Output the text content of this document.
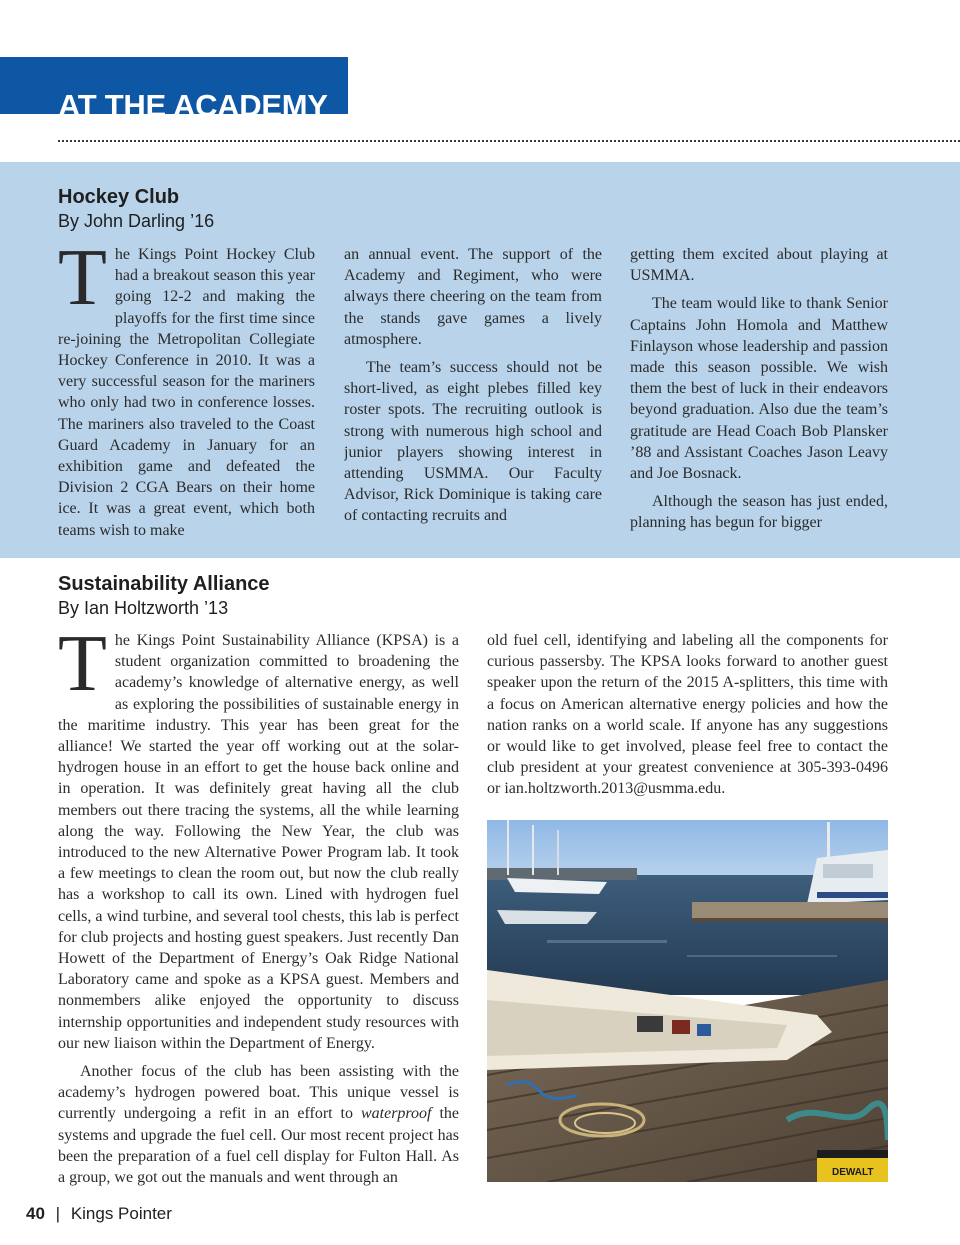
AT THE ACADEMY
Hockey Club
By John Darling ’16

The Kings Point Hockey Club had a breakout season this year going 12-2 and making the playoffs for the first time since re-joining the Metropolitan Collegiate Hockey Conference in 2010. It was a very successful season for the mariners who only had two in conference losses. The mariners also traveled to the Coast Guard Academy in January for an exhibition game and defeated the Division 2 CGA Bears on their home ice. It was a great event, which both teams wish to make

an annual event. The support of the Academy and Regiment, who were always there cheering on the team from the stands gave games a lively atmosphere.

The team’s success should not be short-lived, as eight plebes filled key roster spots. The recruiting outlook is strong with numerous high school and junior players showing interest in attending USMMA. Our Faculty Advisor, Rick Dominique is taking care of contacting recruits and

getting them excited about playing at USMMA.

The team would like to thank Senior Captains John Homola and Matthew Finlayson whose leadership and passion made this season possible. We wish them the best of luck in their endeavors beyond graduation. Also due the team’s gratitude are Head Coach Bob Plansker ’88 and Assistant Coaches Jason Leavy and Joe Bosnack.

Although the season has just ended, planning has begun for bigger

Sustainability Alliance
By Ian Holtzworth ’13

The Kings Point Sustainability Alliance (KPSA) is a student organization committed to broadening the academy’s knowledge of alternative energy, as well as exploring the possibilities of sustainable energy in the maritime industry. This year has been great for the alliance! We started the year off working out at the solar-hydrogen house in an effort to get the house back online and in operation. It was definitely great having all the club members out there tracing the systems, all the while learning along the way. Following the New Year, the club was introduced to the new Alternative Power Program lab. It took a few meetings to clean the room out, but now the club really has a workshop to call its own. Lined with hydrogen fuel cells, a wind turbine, and several tool chests, this lab is perfect for club projects and hosting guest speakers. Just recently Dan Howett of the Department of Energy’s Oak Ridge National Laboratory came and spoke as a KPSA guest. Members and nonmembers alike enjoyed the opportunity to discuss internship opportunities and independent study resources with our new liaison within the Department of Energy.

Another focus of the club has been assisting with the academy’s hydrogen powered boat. This unique vessel is currently undergoing a refit in an effort to waterproof the systems and upgrade the fuel cell. Our most recent project has been the preparation of a fuel cell display for Fulton Hall. As a group, we got out the manuals and went through an

old fuel cell, identifying and labeling all the components for curious passersby. The KPSA looks forward to another guest speaker upon the return of the 2015 A-splitters, this time with a focus on American alternative energy policies and how the nation ranks on a world scale. If anyone has any suggestions or would like to get involved, please feel free to contact the club president at your greatest convenience at 305-393-0496 or ian.holtzworth.2013@usmma.edu.

DEWALT
40 | Kings Pointer
